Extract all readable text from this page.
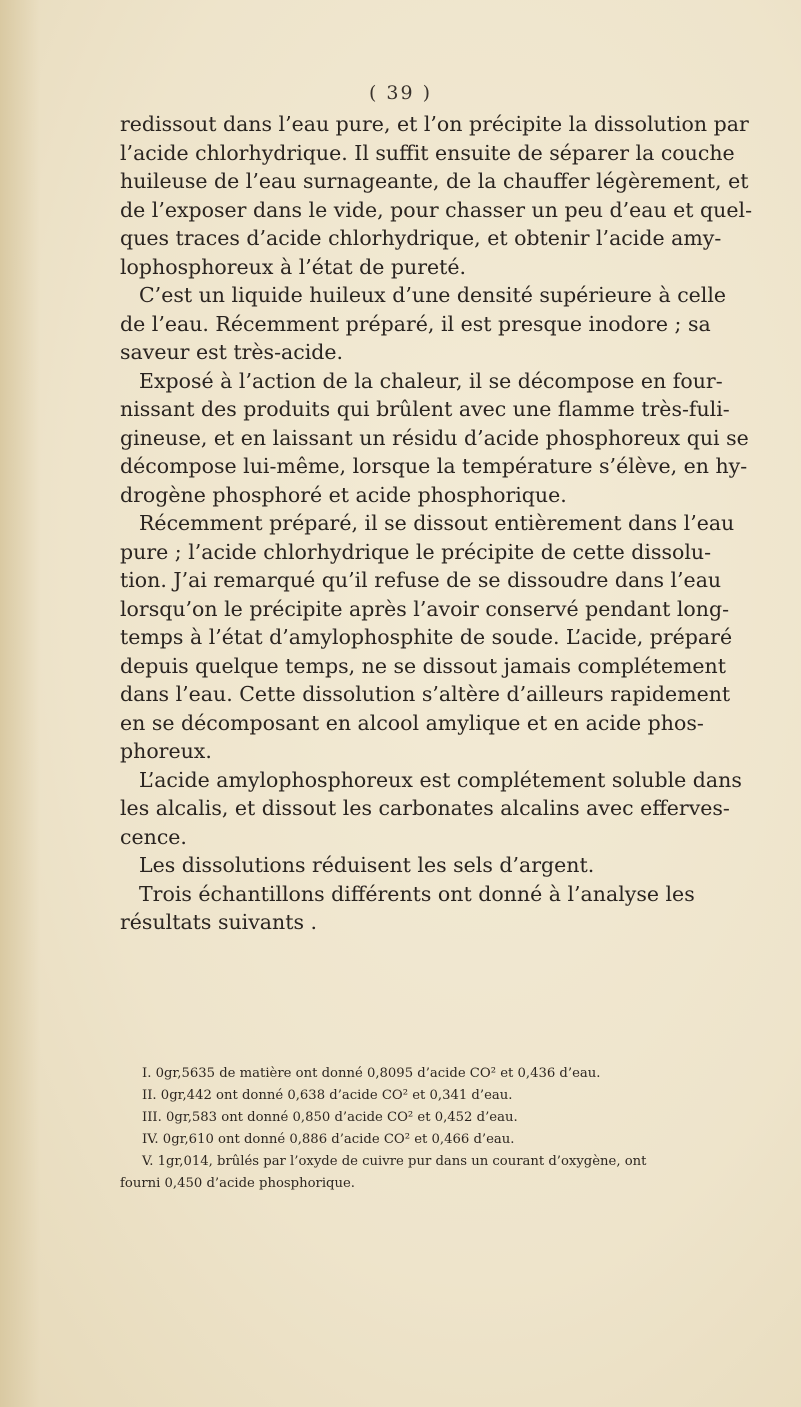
( 39 )
redissout dans l’eau pure, et l’on précipite la dissolution par
l’acide chlorhydrique. Il suffit ensuite de séparer la couche
huileuse de l’eau surnageante, de la chauffer légèrement, et
de l’exposer dans le vide, pour chasser un peu d’eau et quel-
ques traces d’acide chlorhydrique, et obtenir l’acide amy-
lophosphoreux à l’état de pureté.
C’est un liquide huileux d’une densité supérieure à celle
de l’eau. Récemment préparé, il est presque inodore ; sa
saveur est très-acide.
Exposé à l’action de la chaleur, il se décompose en four-
nissant des produits qui brûlent avec une flamme très-fuli-
gineuse, et en laissant un résidu d’acide phosphoreux qui se
décompose lui-même, lorsque la température s’élève, en hy-
drogène phosphoré et acide phosphorique.
Récemment préparé, il se dissout entièrement dans l’eau
pure ; l’acide chlorhydrique le précipite de cette dissolu-
tion. J’ai remarqué qu’il refuse de se dissoudre dans l’eau
lorsqu’on le précipite après l’avoir conservé pendant long-
temps à l’état d’amylophosphite de soude. L’acide, préparé
depuis quelque temps, ne se dissout jamais complétement
dans l’eau. Cette dissolution s’altère d’ailleurs rapidement
en se décomposant en alcool amylique et en acide phos-
phoreux.
L’acide amylophosphoreux est complétement soluble dans
les alcalis, et dissout les carbonates alcalins avec efferves-
cence.
Les dissolutions réduisent les sels d’argent.
Trois échantillons différents ont donné à l’analyse les
résultats suivants .
I. 0gr,5635 de matière ont donné 0,8095 d’acide CO² et 0,436 d’eau.
II. 0gr,442 ont donné 0,638 d’acide CO² et 0,341 d’eau.
III. 0gr,583 ont donné 0,850 d’acide CO² et 0,452 d’eau.
IV. 0gr,610 ont donné 0,886 d’acide CO² et 0,466 d’eau.
V. 1gr,014, brûlés par l’oxyde de cuivre pur dans un courant d’oxygène, ont
fourni 0,450 d’acide phosphorique.
